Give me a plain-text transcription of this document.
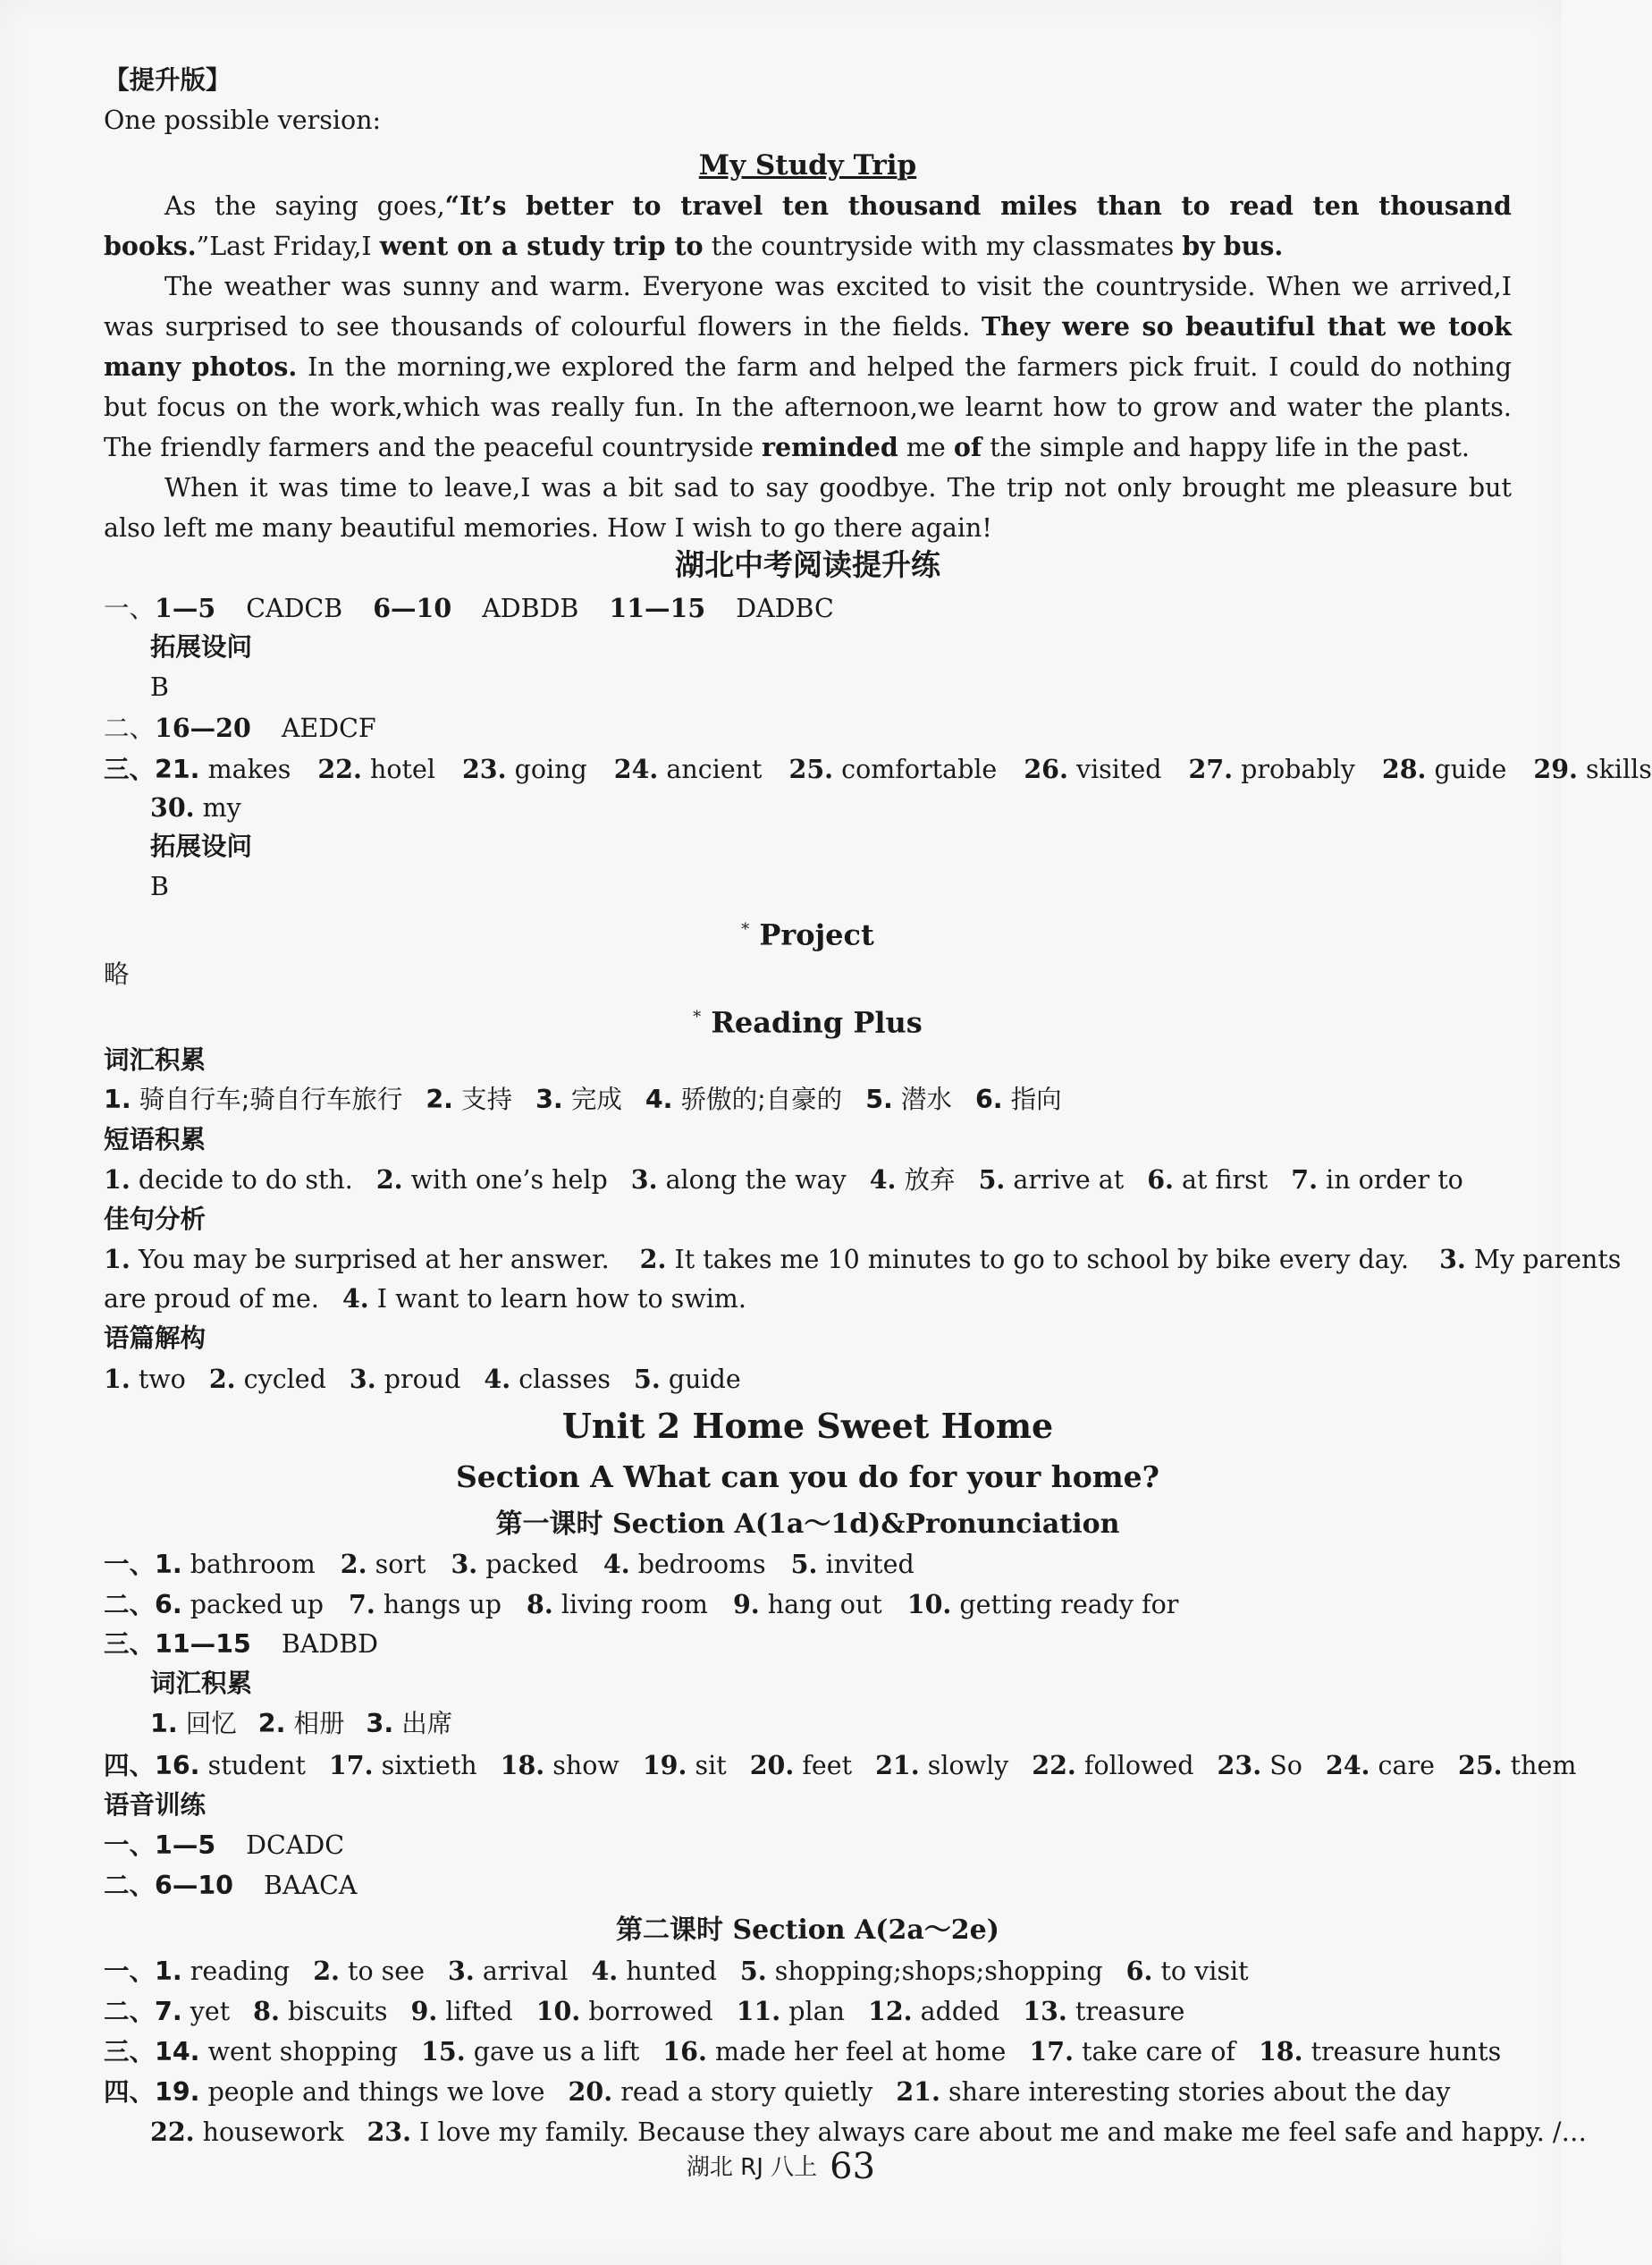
【提升版】
One possible version:
My Study Trip
As the saying goes,“It’s better to travel ten thousand miles than to read ten thousand books.”Last Friday,I went on a study trip to the countryside with my classmates by bus.
The weather was sunny and warm. Everyone was excited to visit the countryside. When we arrived,I was surprised to see thousands of colourful flowers in the fields. They were so beautiful that we took many photos. In the morning,we explored the farm and helped the farmers pick fruit. I could do nothing but focus on the work,which was really fun. In the afternoon,we learnt how to grow and water the plants. The friendly farmers and the peaceful countryside reminded me of the simple and happy life in the past.
When it was time to leave,I was a bit sad to say goodbye. The trip not only brought me pleasure but also left me many beautiful memories. How I wish to go there again!
湖北中考阅读提升练
一、1—5 CADCB 6—10 ADBDB 11—15 DADBC
拓展设问
B
二、16—20 AEDCF
三、21. makes 22. hotel 23. going 24. ancient 25. comfortable 26. visited 27. probably 28. guide 29. skills
30. my
拓展设问
B
* Project
略
* Reading Plus
词汇积累
1. 骑自行车;骑自行车旅行 2. 支持 3. 完成 4. 骄傲的;自豪的 5. 潜水 6. 指向
短语积累
1. decide to do sth. 2. with one’s help 3. along the way 4. 放弃 5. arrive at 6. at first 7. in order to
佳句分析
1. You may be surprised at her answer. 2. It takes me 10 minutes to go to school by bike every day. 3. My parents
are proud of me. 4. I want to learn how to swim.
语篇解构
1. two 2. cycled 3. proud 4. classes 5. guide
Unit 2 Home Sweet Home
Section A What can you do for your home?
第一课时 Section A(1a～1d)&Pronunciation
一、1. bathroom 2. sort 3. packed 4. bedrooms 5. invited
二、6. packed up 7. hangs up 8. living room 9. hang out 10. getting ready for
三、11—15 BADBD
词汇积累
1. 回忆 2. 相册 3. 出席
四、16. student 17. sixtieth 18. show 19. sit 20. feet 21. slowly 22. followed 23. So 24. care 25. them
语音训练
一、1—5 DCADC
二、6—10 BAACA
第二课时 Section A(2a～2e)
一、1. reading 2. to see 3. arrival 4. hunted 5. shopping;shops;shopping 6. to visit
二、7. yet 8. biscuits 9. lifted 10. borrowed 11. plan 12. added 13. treasure
三、14. went shopping 15. gave us a lift 16. made her feel at home 17. take care of 18. treasure hunts
四、19. people and things we love 20. read a story quietly 21. share interesting stories about the day
22. housework 23. I love my family. Because they always care about me and make me feel safe and happy. /…
湖北 RJ 八上 63
